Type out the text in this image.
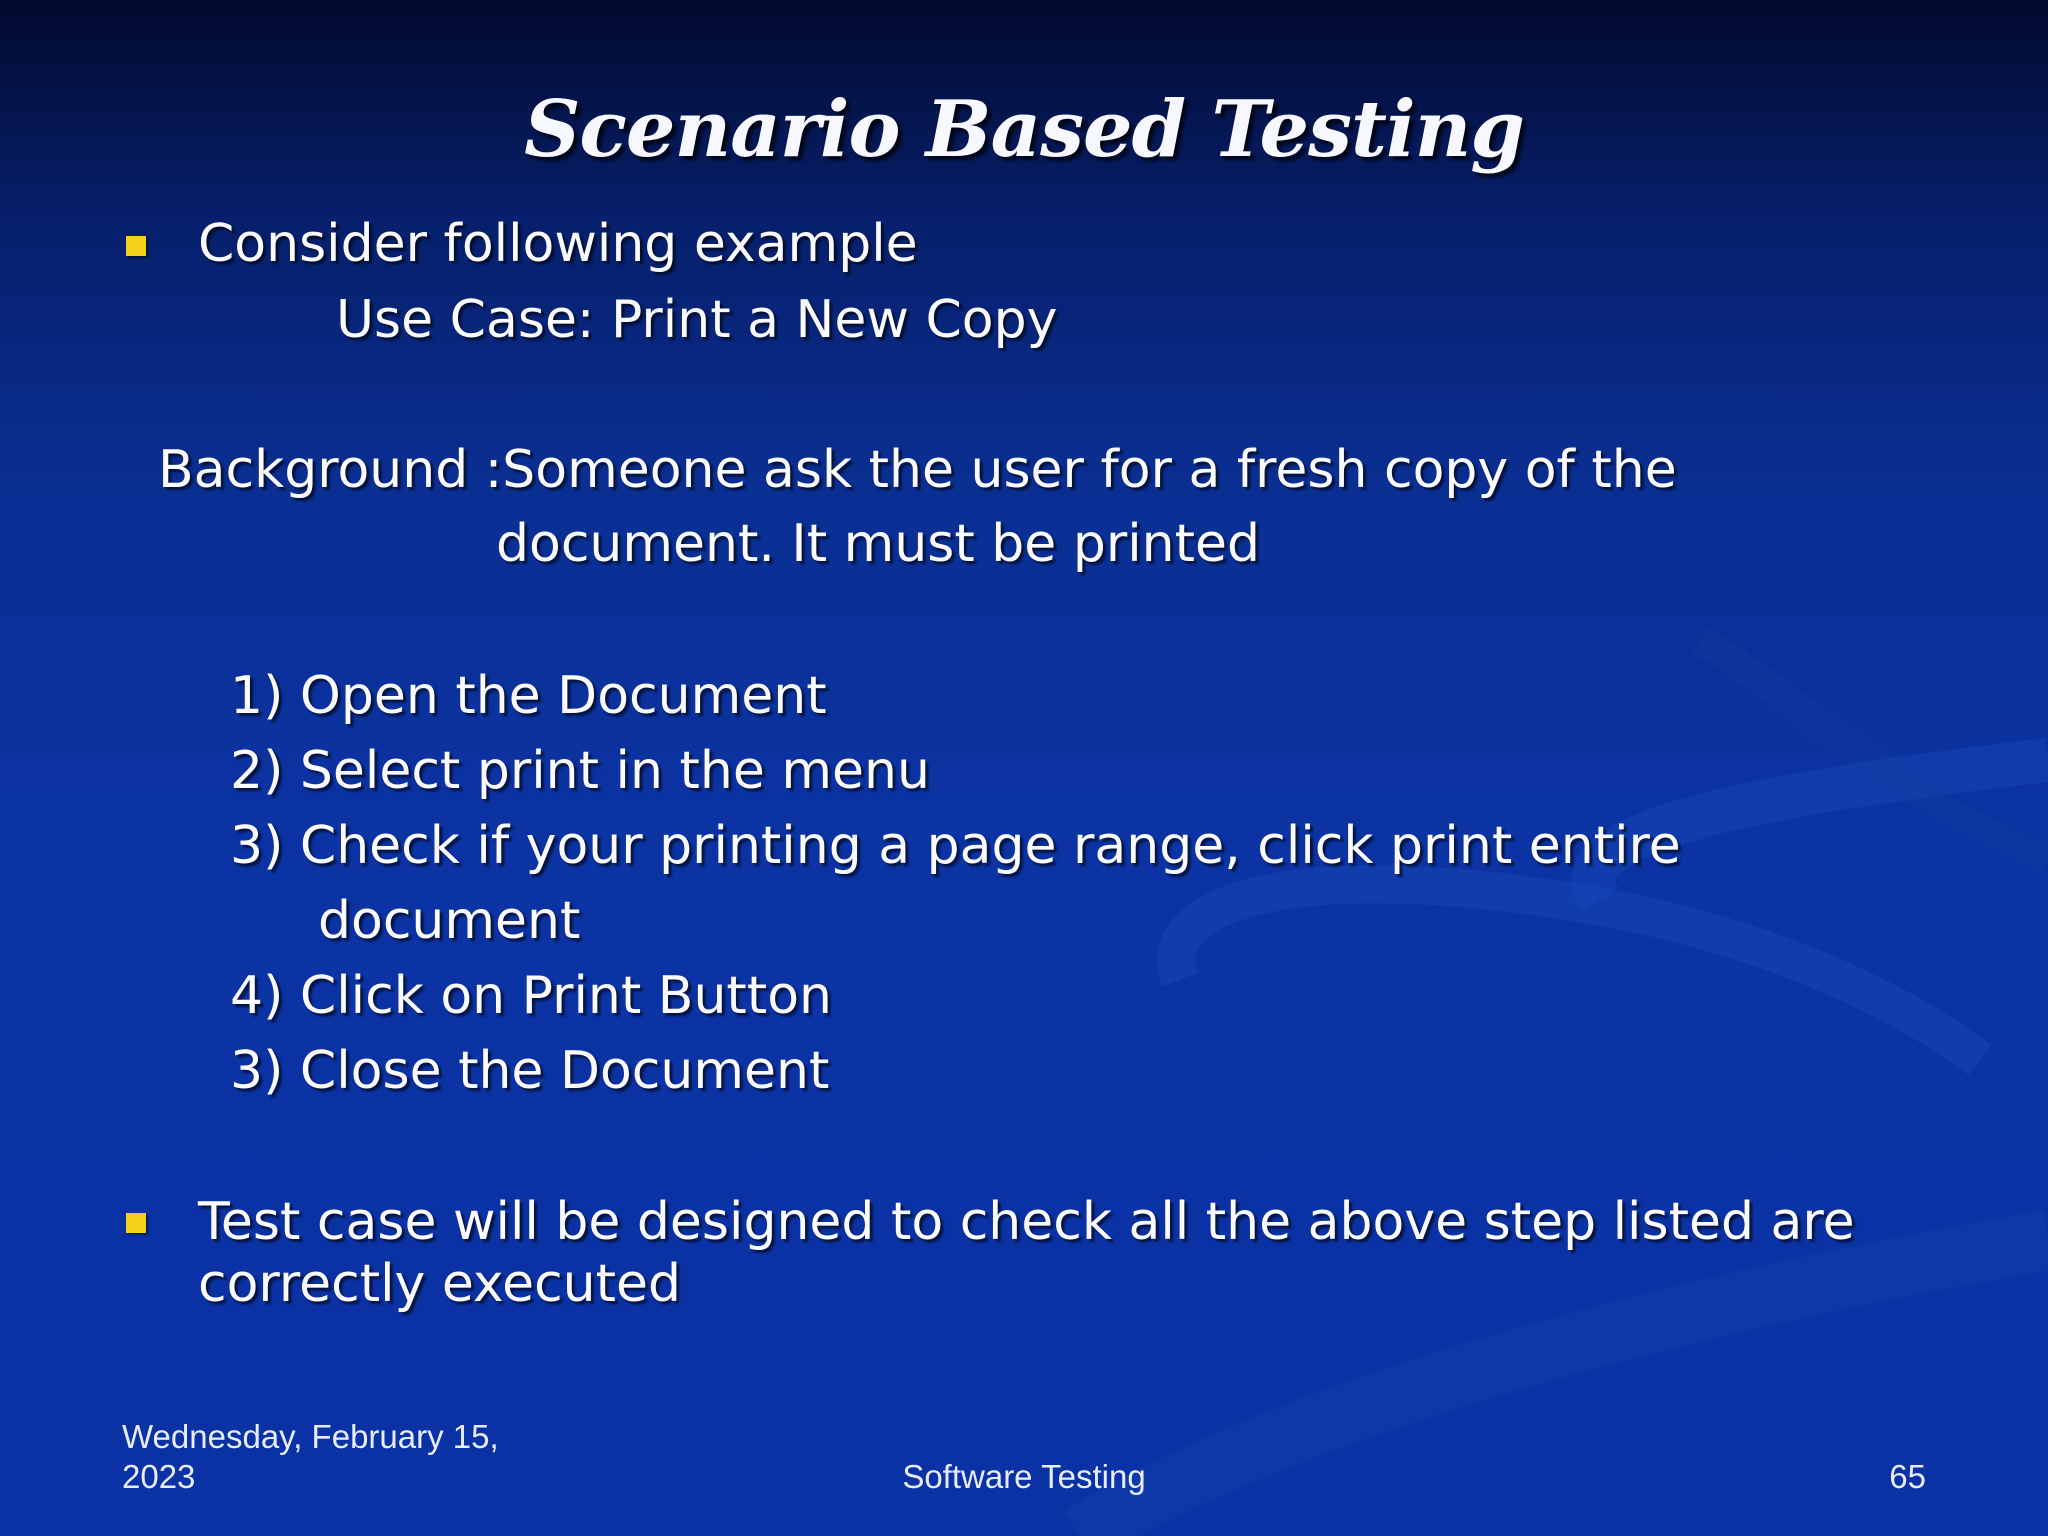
Scenario Based Testing
Consider following example
Use Case: Print a New Copy
Background :Someone ask the user for a fresh copy of the
document. It must be printed
1) Open the Document
2) Select print in the menu
3) Check if your printing a page range, click print entire
document
4) Click on Print Button
3) Close the Document
Test case will be designed to check all the above step listed are
correctly executed
Wednesday, February 15,
2023	Software Testing	65
